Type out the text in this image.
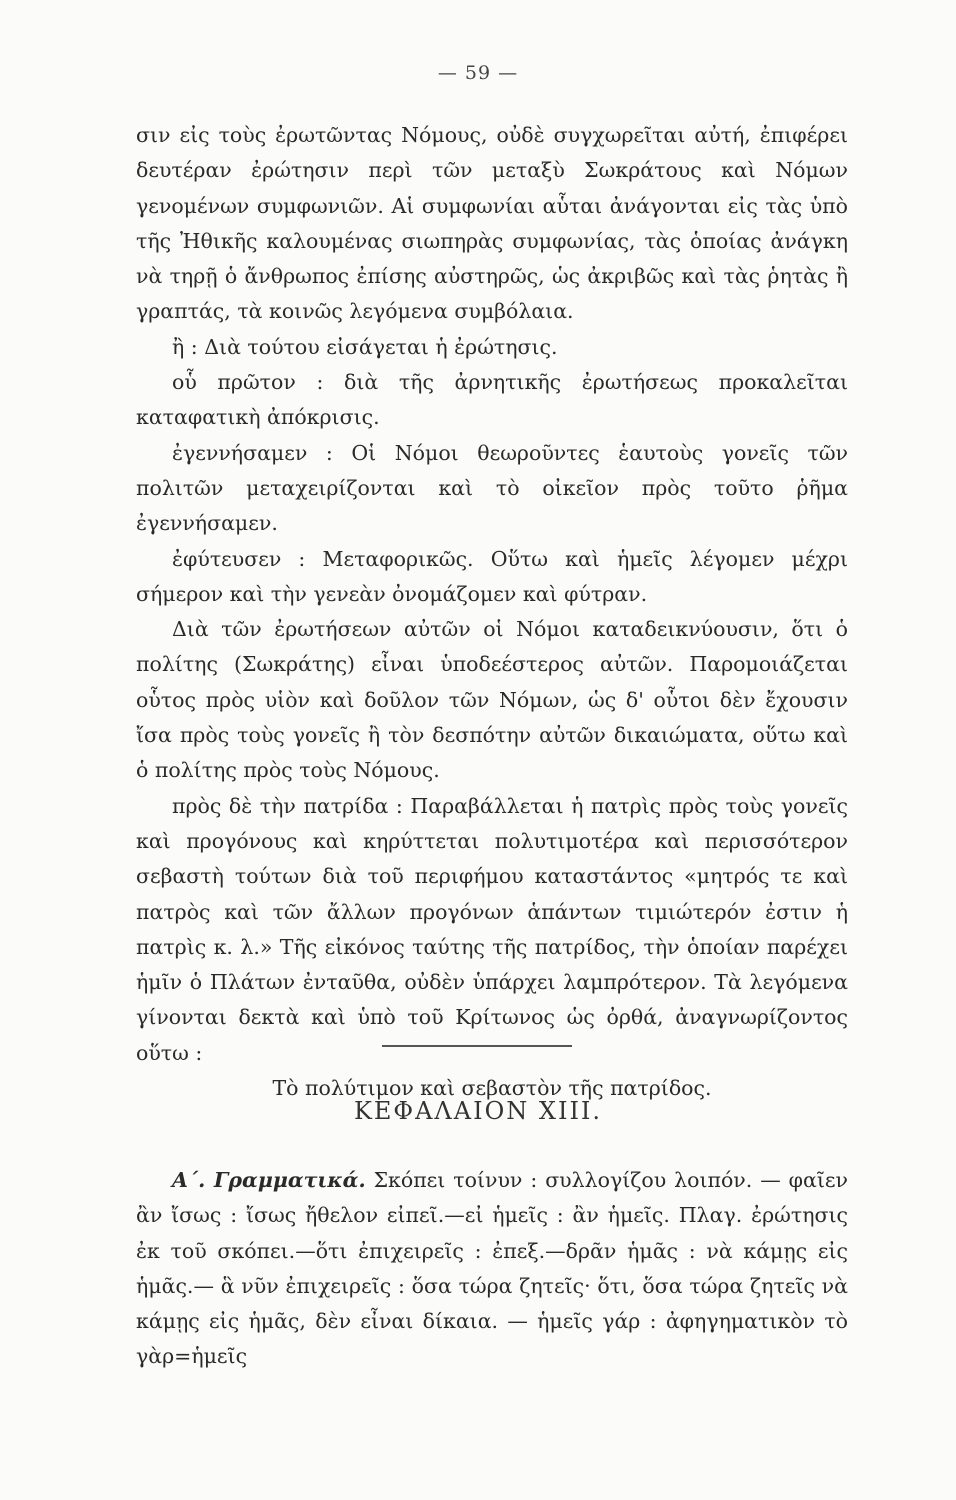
— 59 —

σιν εἰς τοὺς ἐρωτῶντας Νόμους, οὐδὲ συγχωρεῖται αὐτή, ἐπιφέρει δευτέραν ἐρώτησιν περὶ τῶν μεταξὺ Σωκράτους καὶ Νόμων γενομένων συμφωνιῶν. Αἱ συμφωνίαι αὗται ἀνάγονται εἰς τὰς ὑπὸ τῆς Ἠθικῆς καλουμένας σιωπηρὰς συμφωνίας, τὰς ὁποίας ἀνάγκη νὰ τηρῇ ὁ ἄνθρωπος ἐπίσης αὐστηρῶς, ὡς ἀκριβῶς καὶ τὰς ῥητὰς ἢ γραπτάς, τὰ κοινῶς λεγόμενα συμβόλαια.

ἢ : Διὰ τούτου εἰσάγεται ἡ ἐρώτησις.

οὗ πρῶτον : διὰ τῆς ἀρνητικῆς ἐρωτήσεως προκαλεῖται καταφατικὴ ἀπόκρισις.

ἐγεννήσαμεν : Οἱ Νόμοι θεωροῦντες ἑαυτοὺς γονεῖς τῶν πολιτῶν μεταχειρίζονται καὶ τὸ οἰκεῖον πρὸς τοῦτο ῥῆμα ἐγεννήσαμεν.

ἐφύτευσεν : Μεταφορικῶς. Οὕτω καὶ ἡμεῖς λέγομεν μέχρι σήμερον καὶ τὴν γενεὰν ὀνομάζομεν καὶ φύτραν.

Διὰ τῶν ἐρωτήσεων αὐτῶν οἱ Νόμοι καταδεικνύουσιν, ὅτι ὁ πολίτης (Σωκράτης) εἶναι ὑποδεέστερος αὐτῶν. Παρομοιάζεται οὗτος πρὸς υἱὸν καὶ δοῦλον τῶν Νόμων, ὡς δ' οὗτοι δὲν ἔχουσιν ἴσα πρὸς τοὺς γονεῖς ἢ τὸν δεσπότην αὐτῶν δικαιώματα, οὕτω καὶ ὁ πολίτης πρὸς τοὺς Νόμους.

πρὸς δὲ τὴν πατρίδα : Παραβάλλεται ἡ πατρὶς πρὸς τοὺς γονεῖς καὶ προγόνους καὶ κηρύττεται πολυτιμοτέρα καὶ περισσότερον σεβαστὴ τούτων διὰ τοῦ περιφήμου καταστάντος «μητρός τε καὶ πατρὸς καὶ τῶν ἄλλων προγόνων ἁπάντων τιμιώτερόν ἐστιν ἡ πατρὶς κ. λ.» Τῆς εἰκόνος ταύτης τῆς πατρίδος, τὴν ὁποίαν παρέχει ἡμῖν ὁ Πλάτων ἐνταῦθα, οὐδὲν ὑπάρχει λαμπρότερον. Τὰ λεγόμενα γίνονται δεκτὰ καὶ ὑπὸ τοῦ Κρίτωνος ὡς ὀρθά, ἀναγνωρίζοντος οὕτω :

Τὸ πολύτιμον καὶ σεβαστὸν τῆς πατρίδος.

ΚΕΦΑΛΑΙΟΝ XIII.

Α΄. Γραμματικά. Σκόπει τοίνυν : συλλογίζου λοιπόν. — φαῖεν ἂν ἴσως : ἴσως ἤθελον εἰπεῖ.—εἰ ἡμεῖς : ἂν ἡμεῖς. Πλαγ. ἐρώτησις ἐκ τοῦ σκόπει.—ὅτι ἐπιχειρεῖς : ἐπεξ.—δρᾶν ἡμᾶς : νὰ κάμῃς εἰς ἡμᾶς.— ἃ νῦν ἐπιχειρεῖς : ὅσα τώρα ζητεῖς· ὅτι, ὅσα τώρα ζητεῖς νὰ κάμῃς εἰς ἡμᾶς, δὲν εἶναι δίκαια. — ἡμεῖς γάρ : ἀφηγηματικὸν τὸ γὰρ=ἡμεῖς
